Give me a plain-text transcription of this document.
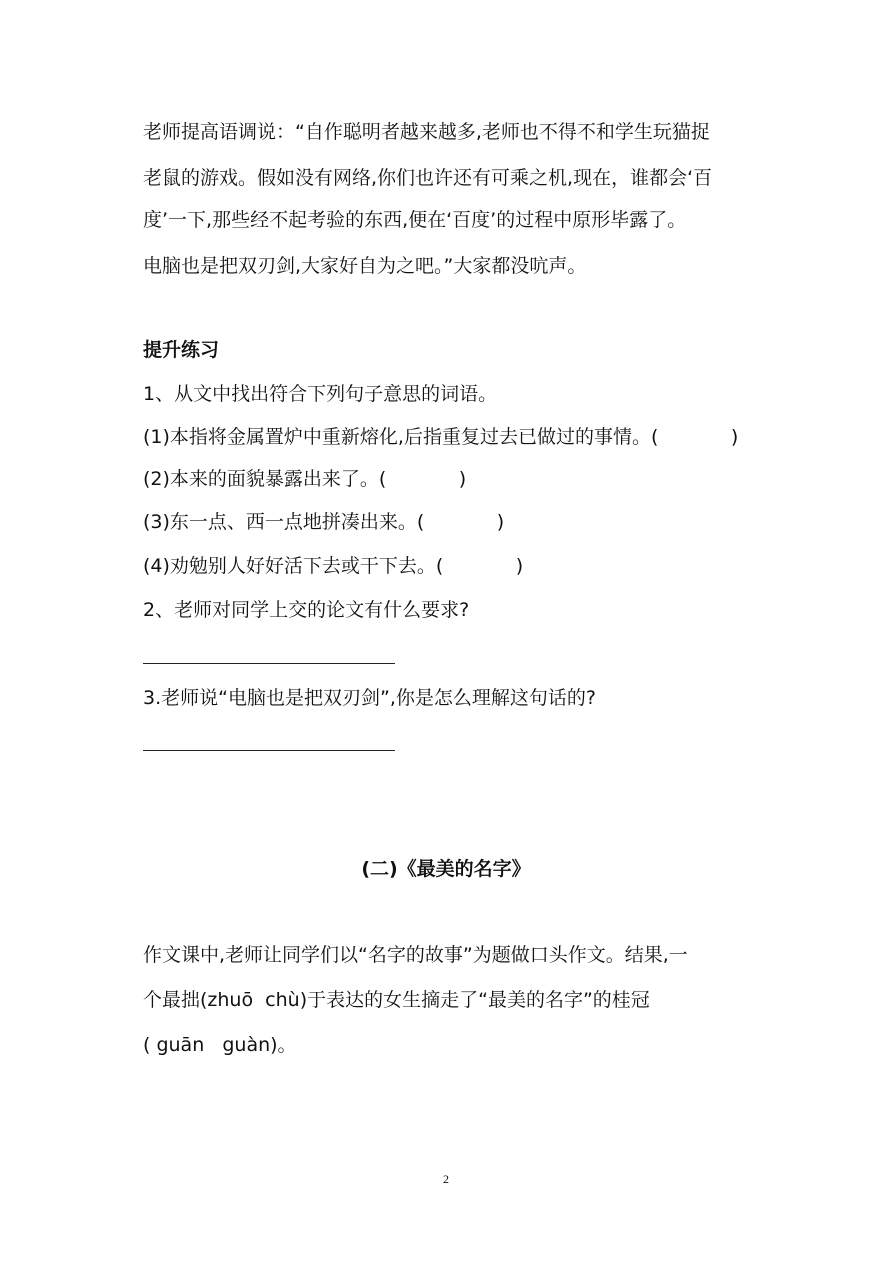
老师提高语调说：“自作聪明者越来越多,老师也不得不和学生玩猫捉
老鼠的游戏。假如没有网络,你们也许还有可乘之机,现在，谁都会‘百
度’一下,那些经不起考验的东西,便在‘百度’的过程中原形毕露了。
电脑也是把双刃剑,大家好自为之吧。”大家都没吭声。
提升练习
1、从文中找出符合下列句子意思的词语。
(1)本指将金属置炉中重新熔化,后指重复过去已做过的事情。(            )
(2)本来的面貌暴露出来了。(            )
(3)东一点、西一点地拼凑出来。(            )
(4)劝勉别人好好活下去或干下去。(            )
2、老师对同学上交的论文有什么要求?
3.老师说“电脑也是把双刃剑”,你是怎么理解这句话的?
(二)《最美的名字》
作文课中,老师让同学们以“名字的故事”为题做口头作文。结果,一
个最拙(zhuō  chù)于表达的女生摘走了“最美的名字”的桂冠
( guān   guàn)。
2
